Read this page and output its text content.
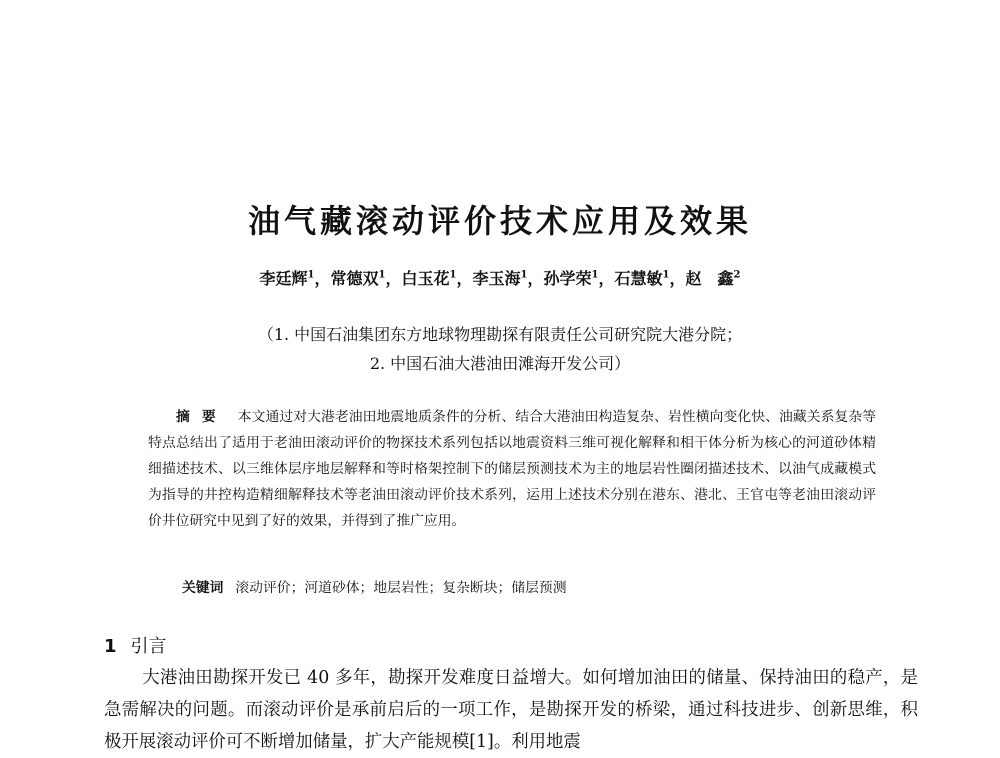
油气藏滚动评价技术应用及效果
李廷辉$^1$，常德双$^1$，白玉花$^1$，李玉海$^1$，孙学荣$^1$，石慧敏$^1$，赵　鑫$^2$
（1. 中国石油集团东方地球物理勘探有限责任公司研究院大港分院；
2. 中国石油大港油田滩海开发公司）
摘要 本文通过对大港老油田地震地质条件的分析、结合大港油田构造复杂、岩性横向变化快、油藏关系复杂等特点总结出了适用于老油田滚动评价的物探技术系列包括以地震资料三维可视化解释和相干体分析为核心的河道砂体精细描述技术、以三维体层序地层解释和等时格架控制下的储层预测技术为主的地层岩性圈闭描述技术、以油气成藏模式为指导的井控构造精细解释技术等老油田滚动评价技术系列，运用上述技术分别在港东、港北、王官屯等老油田滚动评价井位研究中见到了好的效果，并得到了推广应用。
关键词 滚动评价；河道砂体；地层岩性；复杂断块；储层预测
1 引言
大港油田勘探开发已 40 多年，勘探开发难度日益增大。如何增加油田的储量、保持油田的稳产，是急需解决的问题。而滚动评价是承前启后的一项工作，是勘探开发的桥梁，通过科技进步、创新思维，积极开展滚动评价可不断增加储量，扩大产能规模[1]。利用地震
